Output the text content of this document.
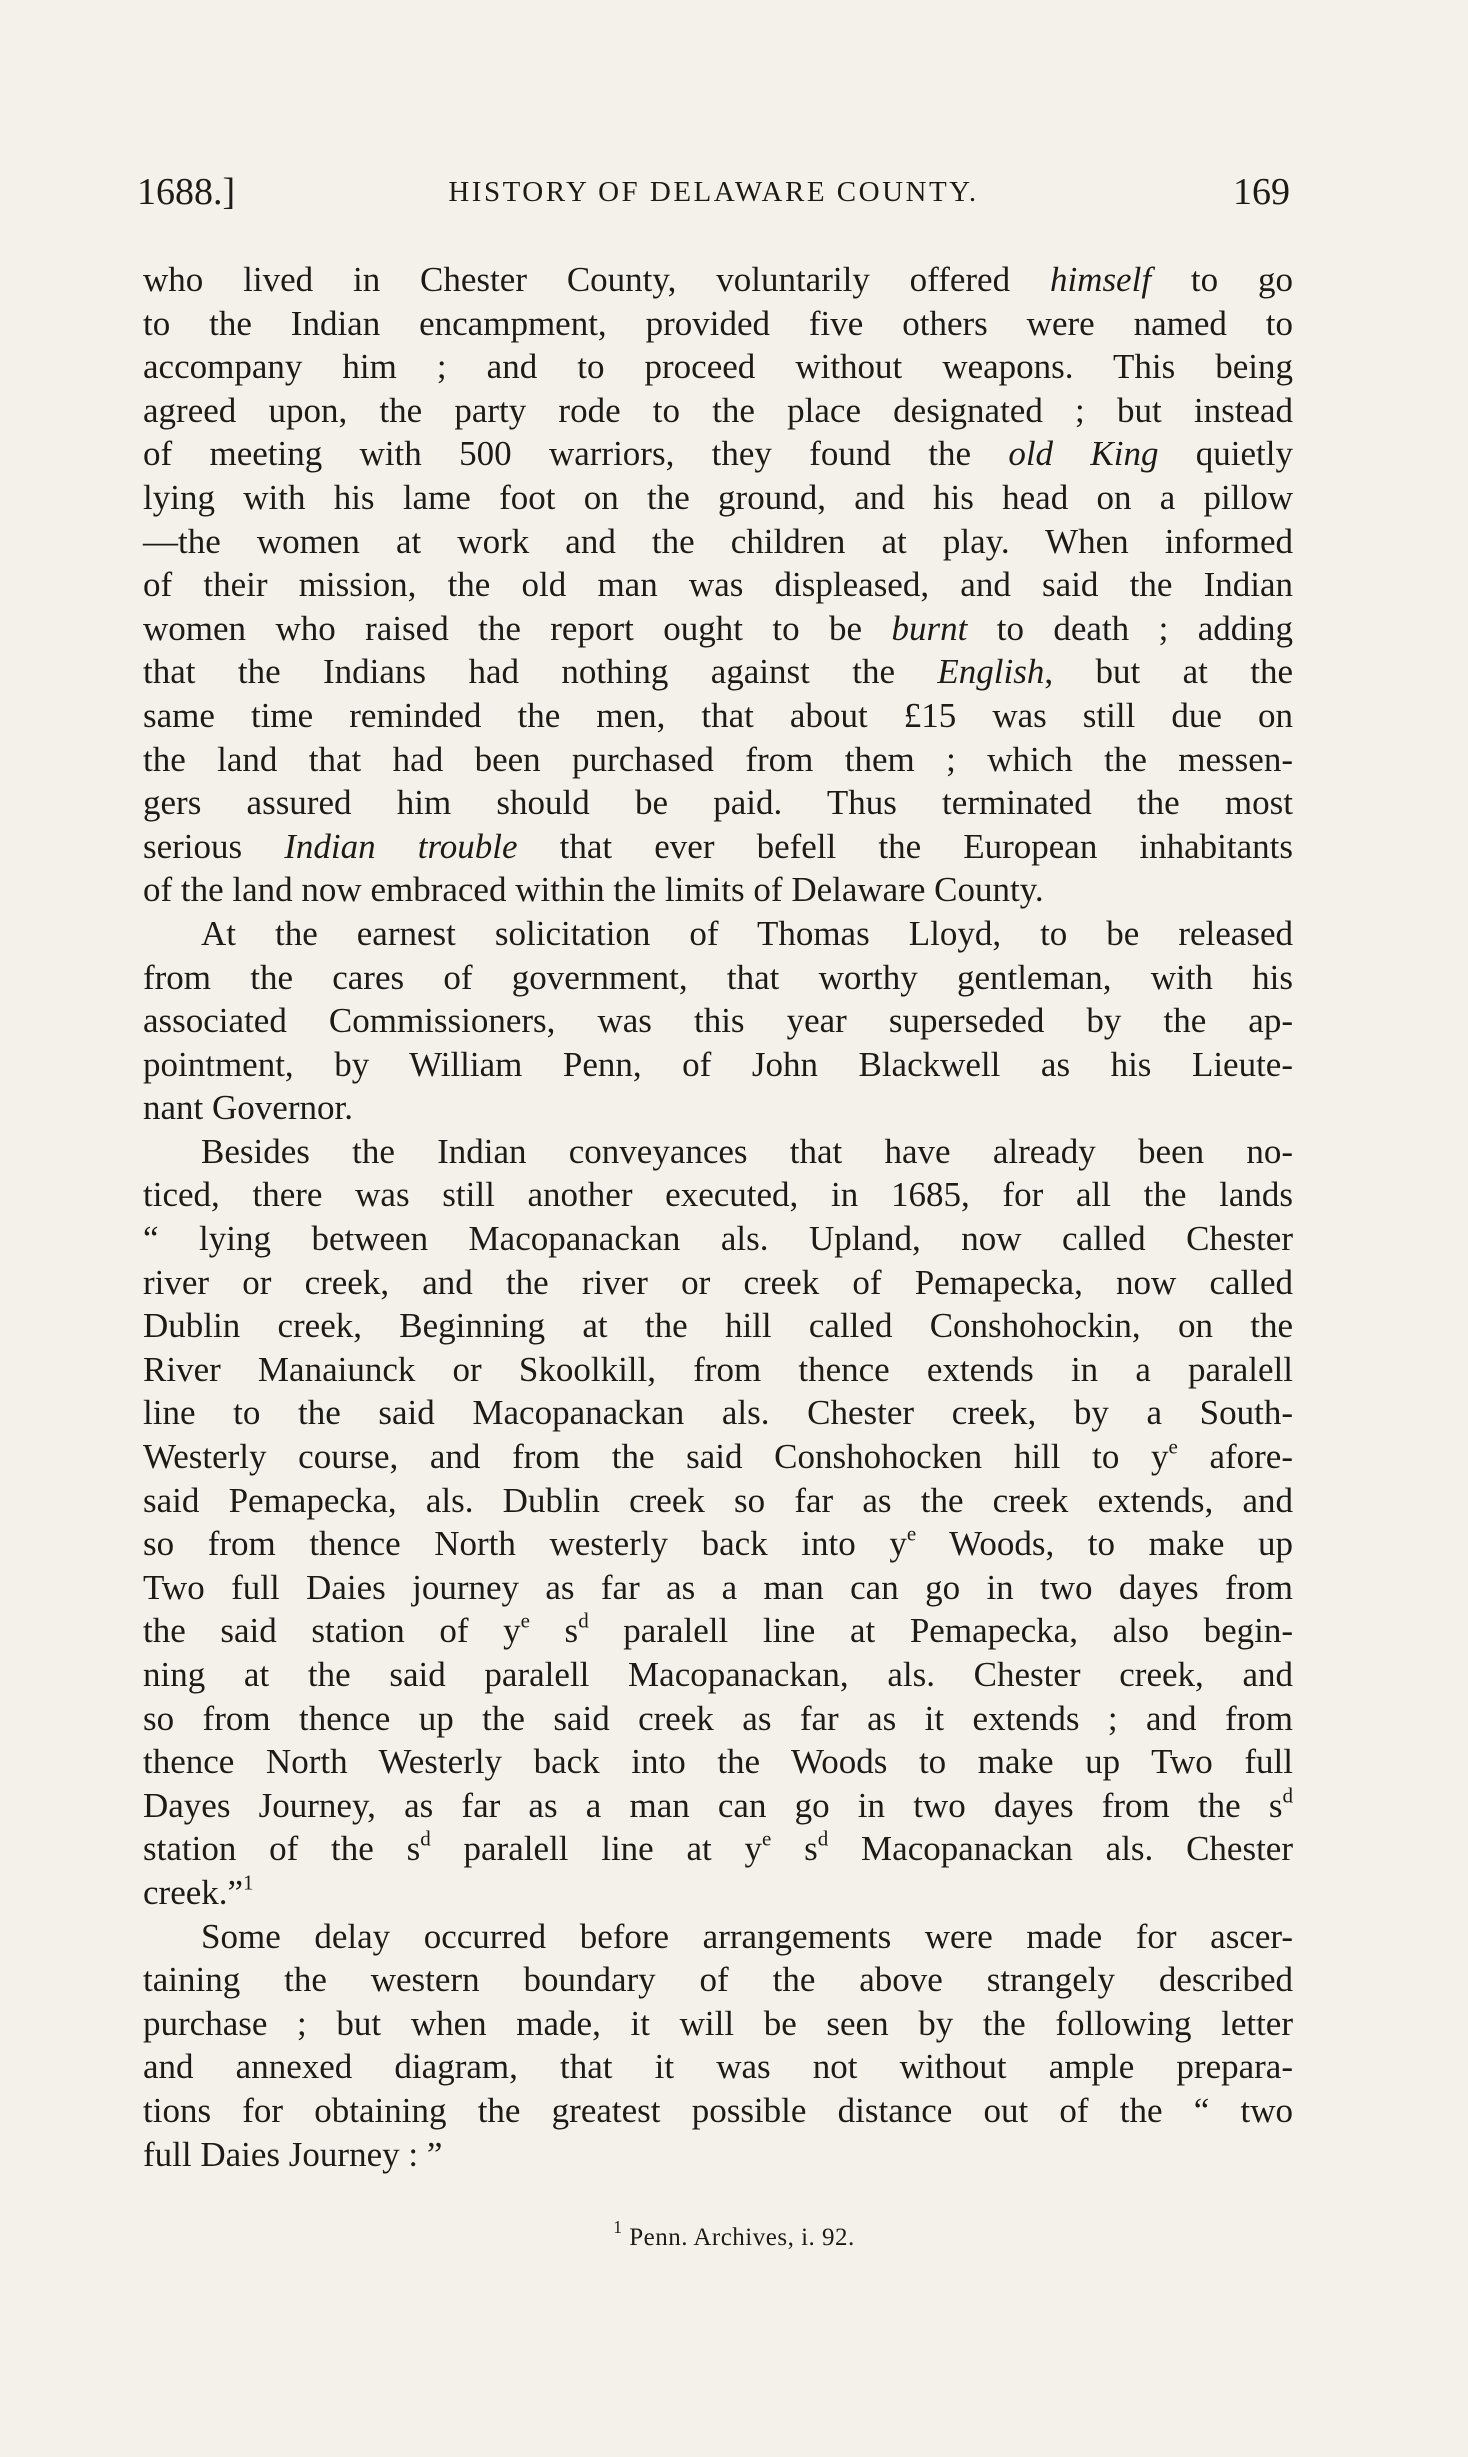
1688.]	HISTORY OF DELAWARE COUNTY.	169
who lived in Chester County, voluntarily offered himself to go
to the Indian encampment, provided five others were named to
accompany him ; and to proceed without weapons. This being
agreed upon, the party rode to the place designated ; but instead
of meeting with 500 warriors, they found the old King quietly
lying with his lame foot on the ground, and his head on a pillow
—the women at work and the children at play. When informed
of their mission, the old man was displeased, and said the Indian
women who raised the report ought to be burnt to death ; adding
that the Indians had nothing against the English, but at the
same time reminded the men, that about £15 was still due on
the land that had been purchased from them ; which the messen-
gers assured him should be paid. Thus terminated the most
serious Indian trouble that ever befell the European inhabitants
of the land now embraced within the limits of Delaware County.
At the earnest solicitation of Thomas Lloyd, to be released
from the cares of government, that worthy gentleman, with his
associated Commissioners, was this year superseded by the ap-
pointment, by William Penn, of John Blackwell as his Lieute-
nant Governor.
Besides the Indian conveyances that have already been no-
ticed, there was still another executed, in 1685, for all the lands
“ lying between Macopanackan als. Upland, now called Chester
river or creek, and the river or creek of Pemapecka, now called
Dublin creek, Beginning at the hill called Conshohockin, on the
River Manaiunck or Skoolkill, from thence extends in a paralell
line to the said Macopanackan als. Chester creek, by a South-
Westerly course, and from the said Conshohocken hill to $y^e$ afore-
said Pemapecka, als. Dublin creek so far as the creek extends, and
so from thence North westerly back into $y^e$ Woods, to make up
Two full Daies journey as far as a man can go in two dayes from
the said station of $y^e$ $s^d$ paralell line at Pemapecka, also begin-
ning at the said paralell Macopanackan, als. Chester creek, and
so from thence up the said creek as far as it extends ; and from
thence North Westerly back into the Woods to make up Two full
Dayes Journey, as far as a man can go in two dayes from the $s^d$
station of the $s^d$ paralell line at $y^e$ $s^d$ Macopanackan als. Chester
creek.”$^1$
Some delay occurred before arrangements were made for ascer-
taining the western boundary of the above strangely described
purchase ; but when made, it will be seen by the following letter
and annexed diagram, that it was not without ample prepara-
tions for obtaining the greatest possible distance out of the “ two
full Daies Journey : ”
$^1$ Penn. Archives, i. 92.
